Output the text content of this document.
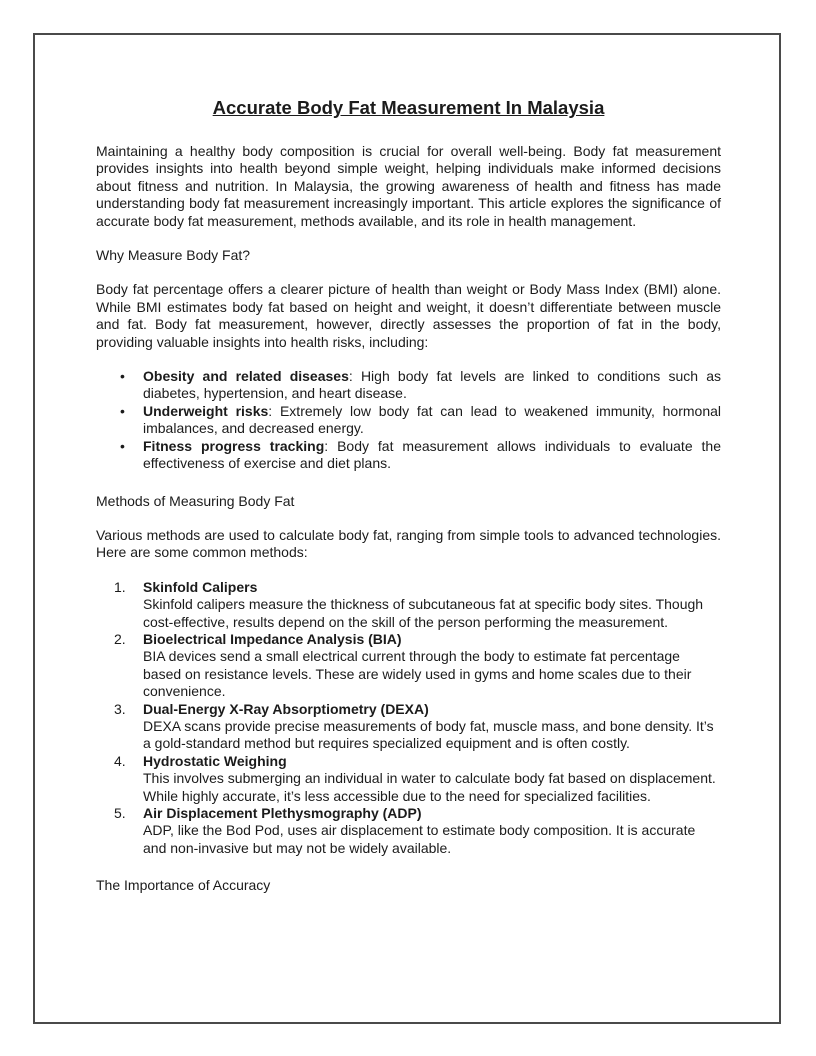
Accurate Body Fat Measurement In Malaysia

Maintaining a healthy body composition is crucial for overall well-being. Body fat measurement provides insights into health beyond simple weight, helping individuals make informed decisions about fitness and nutrition. In Malaysia, the growing awareness of health and fitness has made understanding body fat measurement increasingly important. This article explores the significance of accurate body fat measurement, methods available, and its role in health management.

Why Measure Body Fat?

Body fat percentage offers a clearer picture of health than weight or Body Mass Index (BMI) alone. While BMI estimates body fat based on height and weight, it doesn’t differentiate between muscle and fat. Body fat measurement, however, directly assesses the proportion of fat in the body, providing valuable insights into health risks, including:

• Obesity and related diseases: High body fat levels are linked to conditions such as diabetes, hypertension, and heart disease.
• Underweight risks: Extremely low body fat can lead to weakened immunity, hormonal imbalances, and decreased energy.
• Fitness progress tracking: Body fat measurement allows individuals to evaluate the effectiveness of exercise and diet plans.

Methods of Measuring Body Fat

Various methods are used to calculate body fat, ranging from simple tools to advanced technologies. Here are some common methods:

1. Skinfold Calipers
Skinfold calipers measure the thickness of subcutaneous fat at specific body sites. Though cost-effective, results depend on the skill of the person performing the measurement.
2. Bioelectrical Impedance Analysis (BIA)
BIA devices send a small electrical current through the body to estimate fat percentage based on resistance levels. These are widely used in gyms and home scales due to their convenience.
3. Dual-Energy X-Ray Absorptiometry (DEXA)
DEXA scans provide precise measurements of body fat, muscle mass, and bone density. It’s a gold-standard method but requires specialized equipment and is often costly.
4. Hydrostatic Weighing
This involves submerging an individual in water to calculate body fat based on displacement. While highly accurate, it’s less accessible due to the need for specialized facilities.
5. Air Displacement Plethysmography (ADP)
ADP, like the Bod Pod, uses air displacement to estimate body composition. It is accurate and non-invasive but may not be widely available.

The Importance of Accuracy
